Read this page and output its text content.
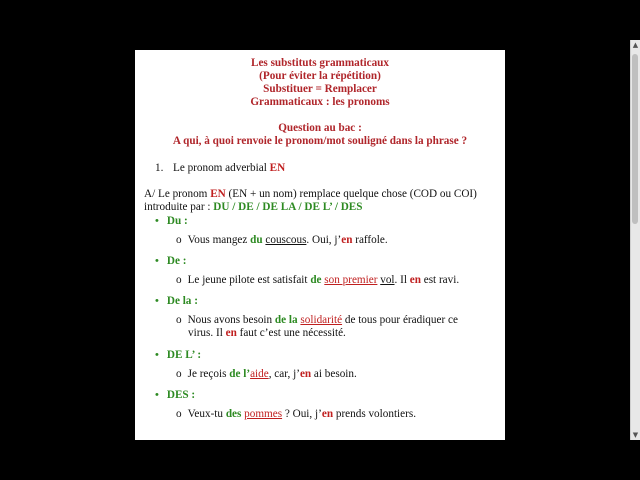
Les substituts grammaticaux
(Pour éviter la répétition)
Substituer = Remplacer
Grammaticaux : les pronoms
Question au bac :
A qui, à quoi renvoie le pronom/mot souligné dans la phrase ?
1. Le pronom adverbial EN
A/ Le pronom EN (EN + un nom) remplace quelque chose (COD ou COI)
introduite par : DU / DE / DE LA / DE L’ / DES
• Du :
o Vous mangez du couscous. Oui, j’en raffole.
• De :
o Le jeune pilote est satisfait de son premier vol. Il en est ravi.
• De la :
o Nous avons besoin de la solidarité de tous pour éradiquer ce
virus. Il en faut c’est une nécessité.
• DE L’ :
o Je reçois de l’aide, car, j’en ai besoin.
• DES :
o Veux-tu des pommes ? Oui, j’en prends volontiers.
▲
▼
